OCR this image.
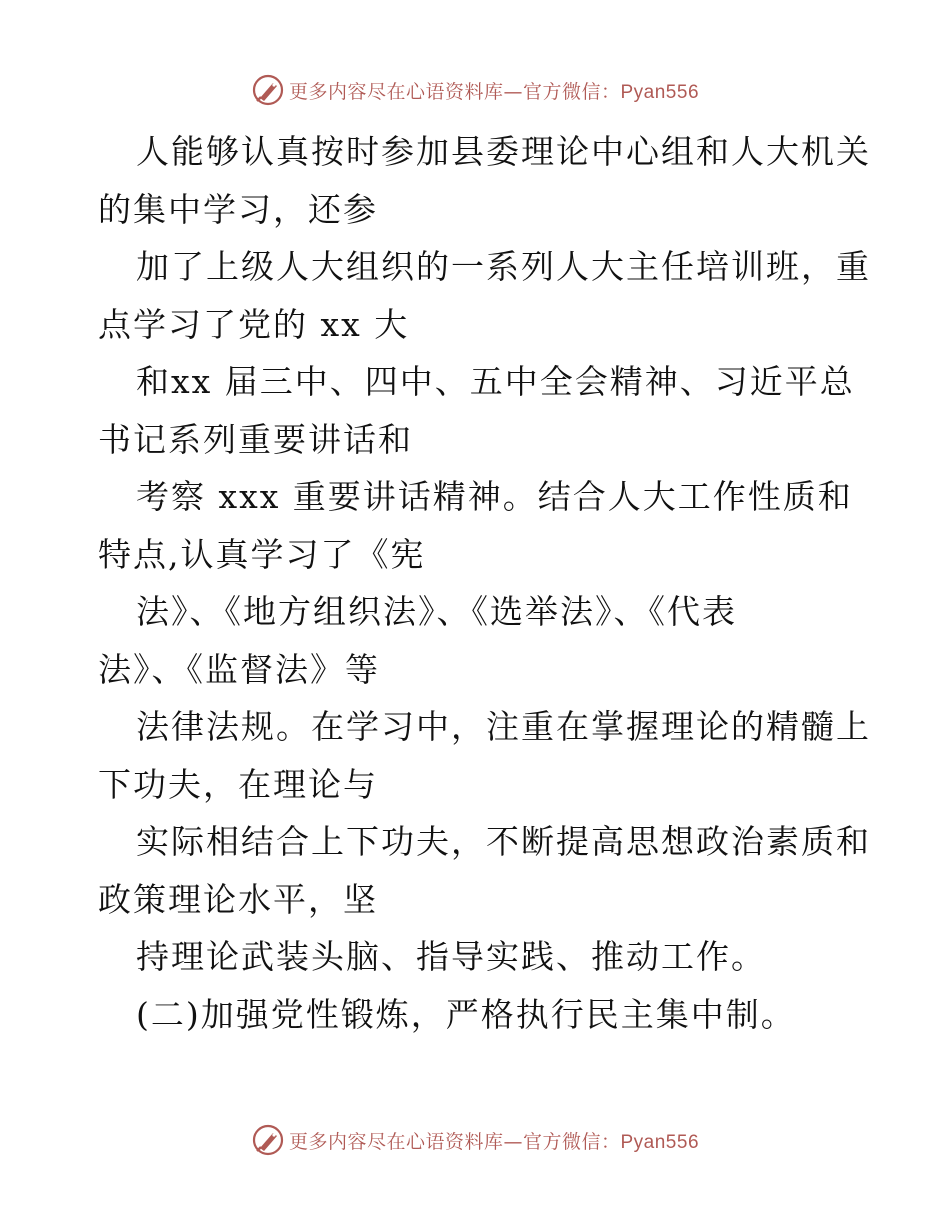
更多内容尽在心语资料库—官方微信：Pyan556

人能够认真按时参加县委理论中心组和人大机关
的集中学习，还参

加了上级人大组织的一系列人大主任培训班，重
点学习了党的 xx 大

和xx 届三中、四中、五中全会精神、习近平总
书记系列重要讲话和

考察 xxx 重要讲话精神。结合人大工作性质和
特点,认真学习了《宪

法》、《地方组织法》、《选举法》、《代表
法》、《监督法》等

法律法规。在学习中，注重在掌握理论的精髓上
下功夫，在理论与

实际相结合上下功夫，不断提高思想政治素质和
政策理论水平，坚

持理论武装头脑、指导实践、推动工作。
(二)加强党性锻炼，严格执行民主集中制。
更多内容尽在心语资料库—官方微信：Pyan556
